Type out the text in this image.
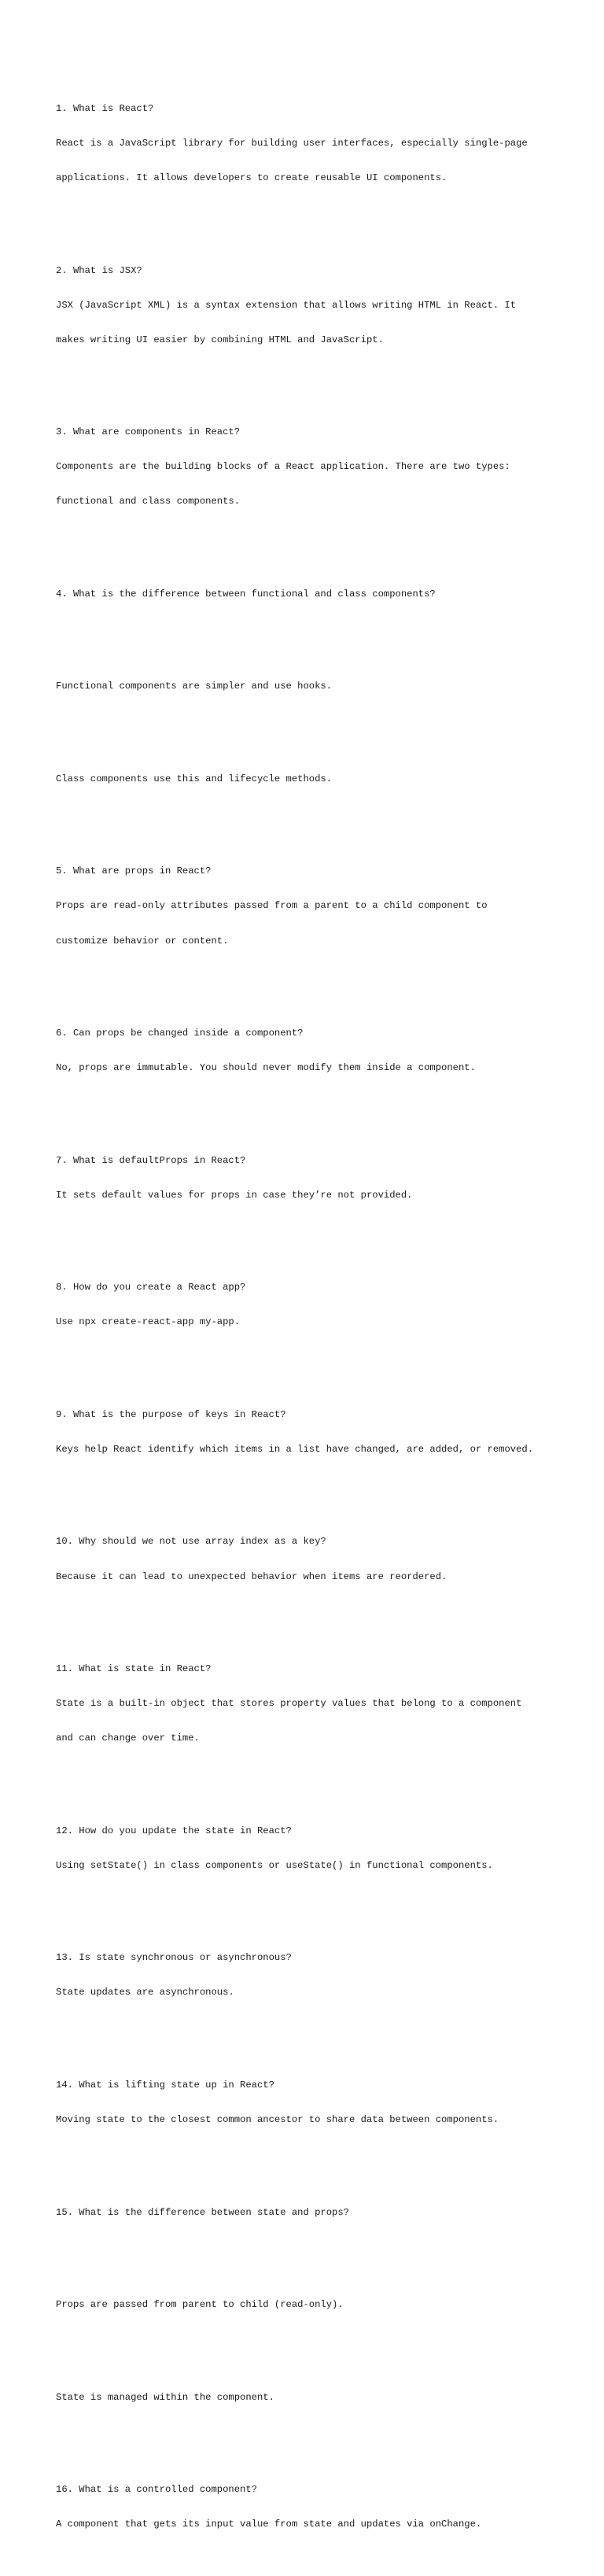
1. What is React?

React is a JavaScript library for building user interfaces, especially single-page

applications. It allows developers to create reusable UI components.

2. What is JSX?

JSX (JavaScript XML) is a syntax extension that allows writing HTML in React. It

makes writing UI easier by combining HTML and JavaScript.

3. What are components in React?

Components are the building blocks of a React application. There are two types:

functional and class components.

4. What is the difference between functional and class components?

Functional components are simpler and use hooks.

Class components use this and lifecycle methods.

5. What are props in React?

Props are read-only attributes passed from a parent to a child component to

customize behavior or content.

6. Can props be changed inside a component?

No, props are immutable. You should never modify them inside a component.

7. What is defaultProps in React?

It sets default values for props in case they’re not provided.

8. How do you create a React app?

Use npx create-react-app my-app.

9. What is the purpose of keys in React?

Keys help React identify which items in a list have changed, are added, or removed.

10. Why should we not use array index as a key?

Because it can lead to unexpected behavior when items are reordered.

11. What is state in React?

State is a built-in object that stores property values that belong to a component

and can change over time.

12. How do you update the state in React?

Using setState() in class components or useState() in functional components.

13. Is state synchronous or asynchronous?

State updates are asynchronous.

14. What is lifting state up in React?

Moving state to the closest common ancestor to share data between components.

15. What is the difference between state and props?

Props are passed from parent to child (read-only).

State is managed within the component.

16. What is a controlled component?

A component that gets its input value from state and updates via onChange.
